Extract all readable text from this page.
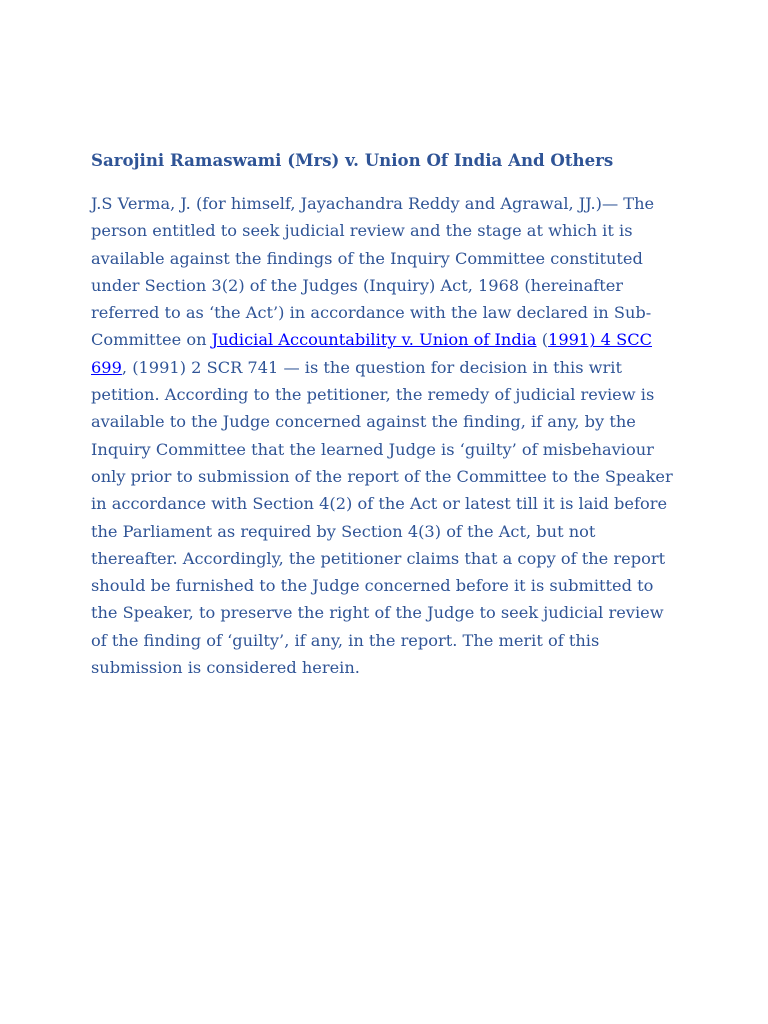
Sarojini Ramaswami (Mrs) v. Union Of India And Others

J.S Verma, J. (for himself, Jayachandra Reddy and Agrawal, JJ.)— The person entitled to seek judicial review and the stage at which it is available against the findings of the Inquiry Committee constituted under Section 3(2) of the Judges (Inquiry) Act, 1968 (hereinafter referred to as ‘the Act’) in accordance with the law declared in Sub-Committee on Judicial Accountability v. Union of India (1991) 4 SCC 699, (1991) 2 SCR 741 — is the question for decision in this writ petition. According to the petitioner, the remedy of judicial review is available to the Judge concerned against the finding, if any, by the Inquiry Committee that the learned Judge is ‘guilty’ of misbehaviour only prior to submission of the report of the Committee to the Speaker in accordance with Section 4(2) of the Act or latest till it is laid before the Parliament as required by Section 4(3) of the Act, but not thereafter. Accordingly, the petitioner claims that a copy of the report should be furnished to the Judge concerned before it is submitted to the Speaker, to preserve the right of the Judge to seek judicial review of the finding of ‘guilty’, if any, in the report. The merit of this submission is considered herein.
